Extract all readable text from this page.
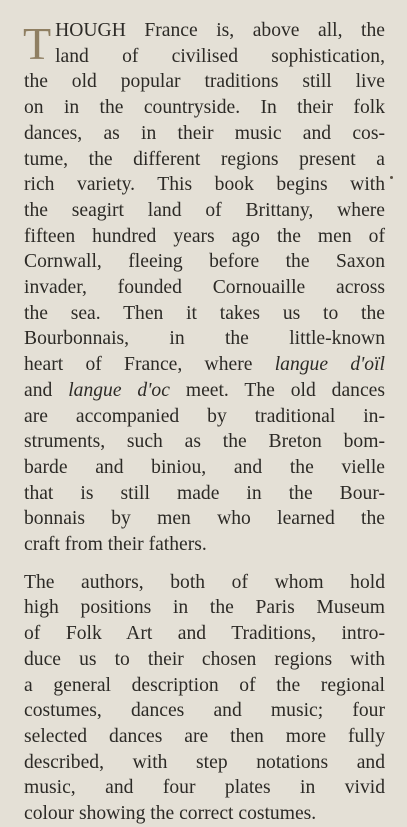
T HOUGH France is, above all, the
land of civilised sophistication,
the old popular traditions still live
on in the countryside. In their folk
dances, as in their music and cos-
tume, the different regions present a
rich variety. This book begins with
the seagirt land of Brittany, where
fifteen hundred years ago the men of
Cornwall, fleeing before the Saxon
invader, founded Cornouaille across
the sea. Then it takes us to the
Bourbonnais, in the little-known
heart of France, where langue d'oïl
and langue d'oc meet. The old dances
are accompanied by traditional in-
struments, such as the Breton bom-
barde and biniou, and the vielle
that is still made in the Bour-
bonnais by men who learned the
craft from their fathers.
The authors, both of whom hold
high positions in the Paris Museum
of Folk Art and Traditions, intro-
duce us to their chosen regions with
a general description of the regional
costumes, dances and music; four
selected dances are then more fully
described, with step notations and
music, and four plates in vivid
colour showing the correct costumes.
